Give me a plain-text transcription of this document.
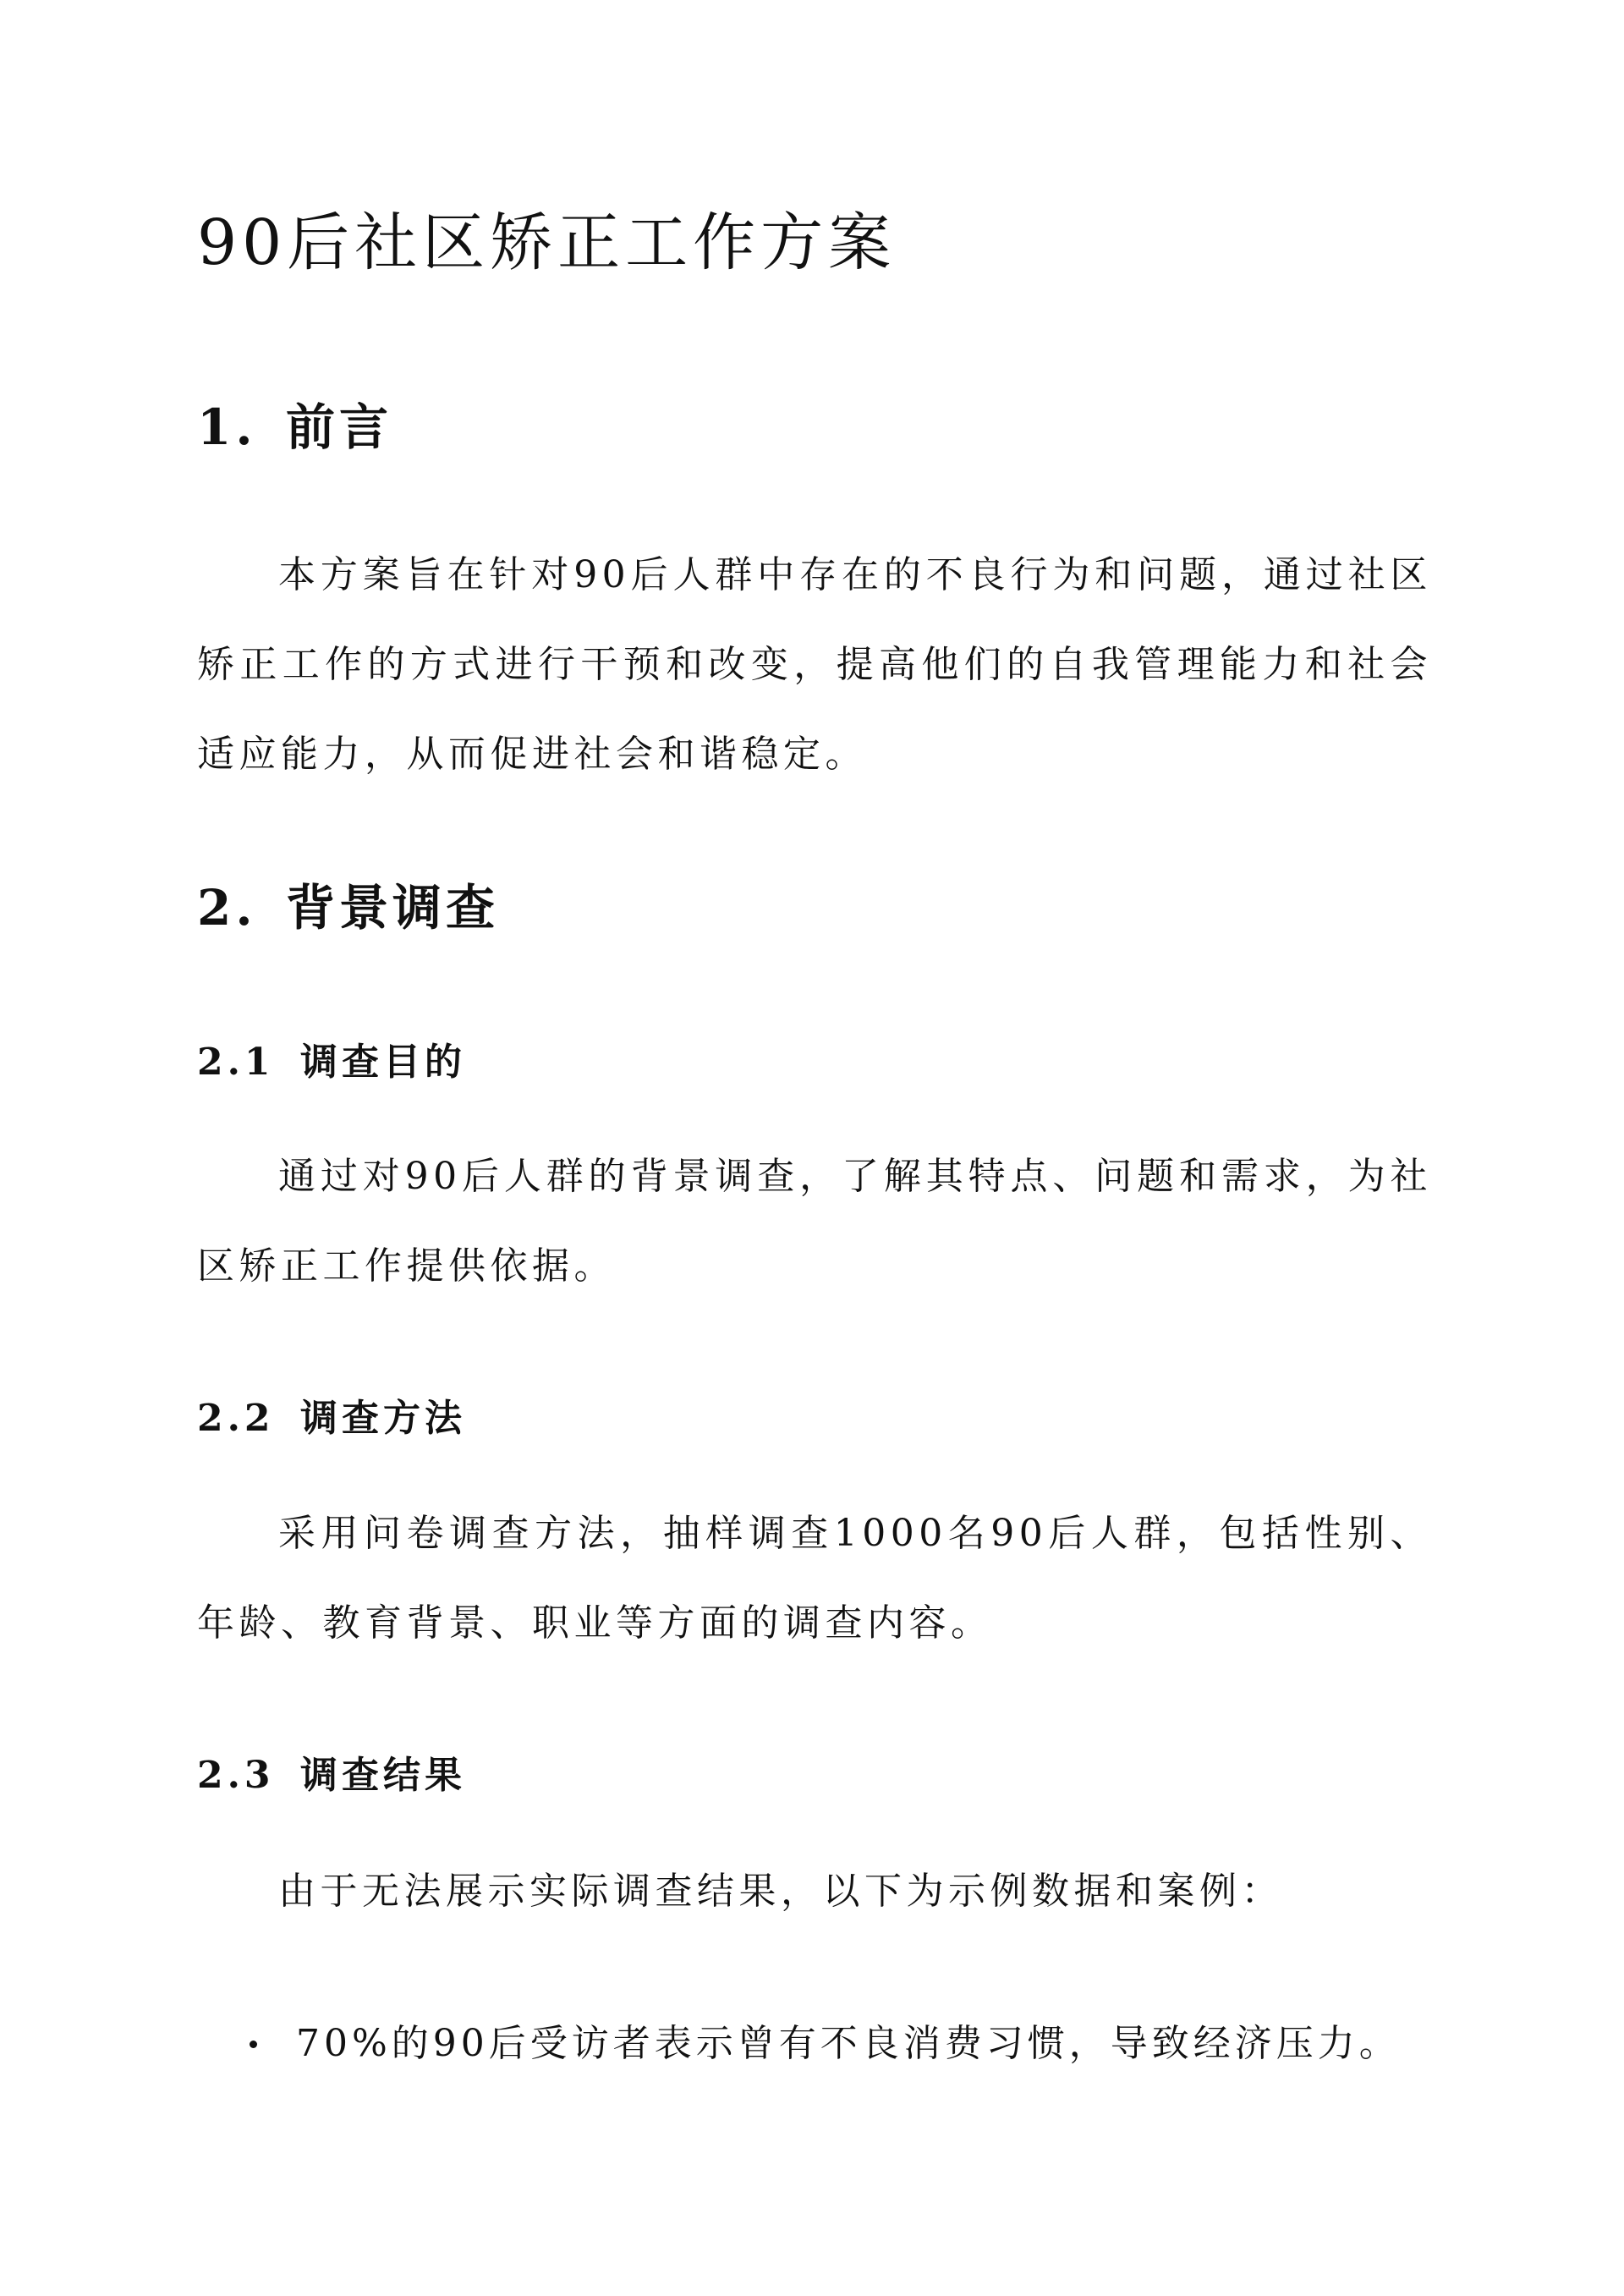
90后社区矫正工作方案
1. 前言

本方案旨在针对90后人群中存在的不良行为和问题，通过社区矫正工作的方式进行干预和改变，提高他们的自我管理能力和社会适应能力，从而促进社会和谐稳定。

2. 背景调查
2.1 调查目的

通过对90后人群的背景调查，了解其特点、问题和需求，为社区矫正工作提供依据。

2.2 调查方法

采用问卷调查方法，抽样调查1000名90后人群，包括性别、年龄、教育背景、职业等方面的调查内容。

2.3 调查结果

由于无法展示实际调查结果，以下为示例数据和案例：

70%的90后受访者表示曾有不良消费习惯，导致经济压力。
